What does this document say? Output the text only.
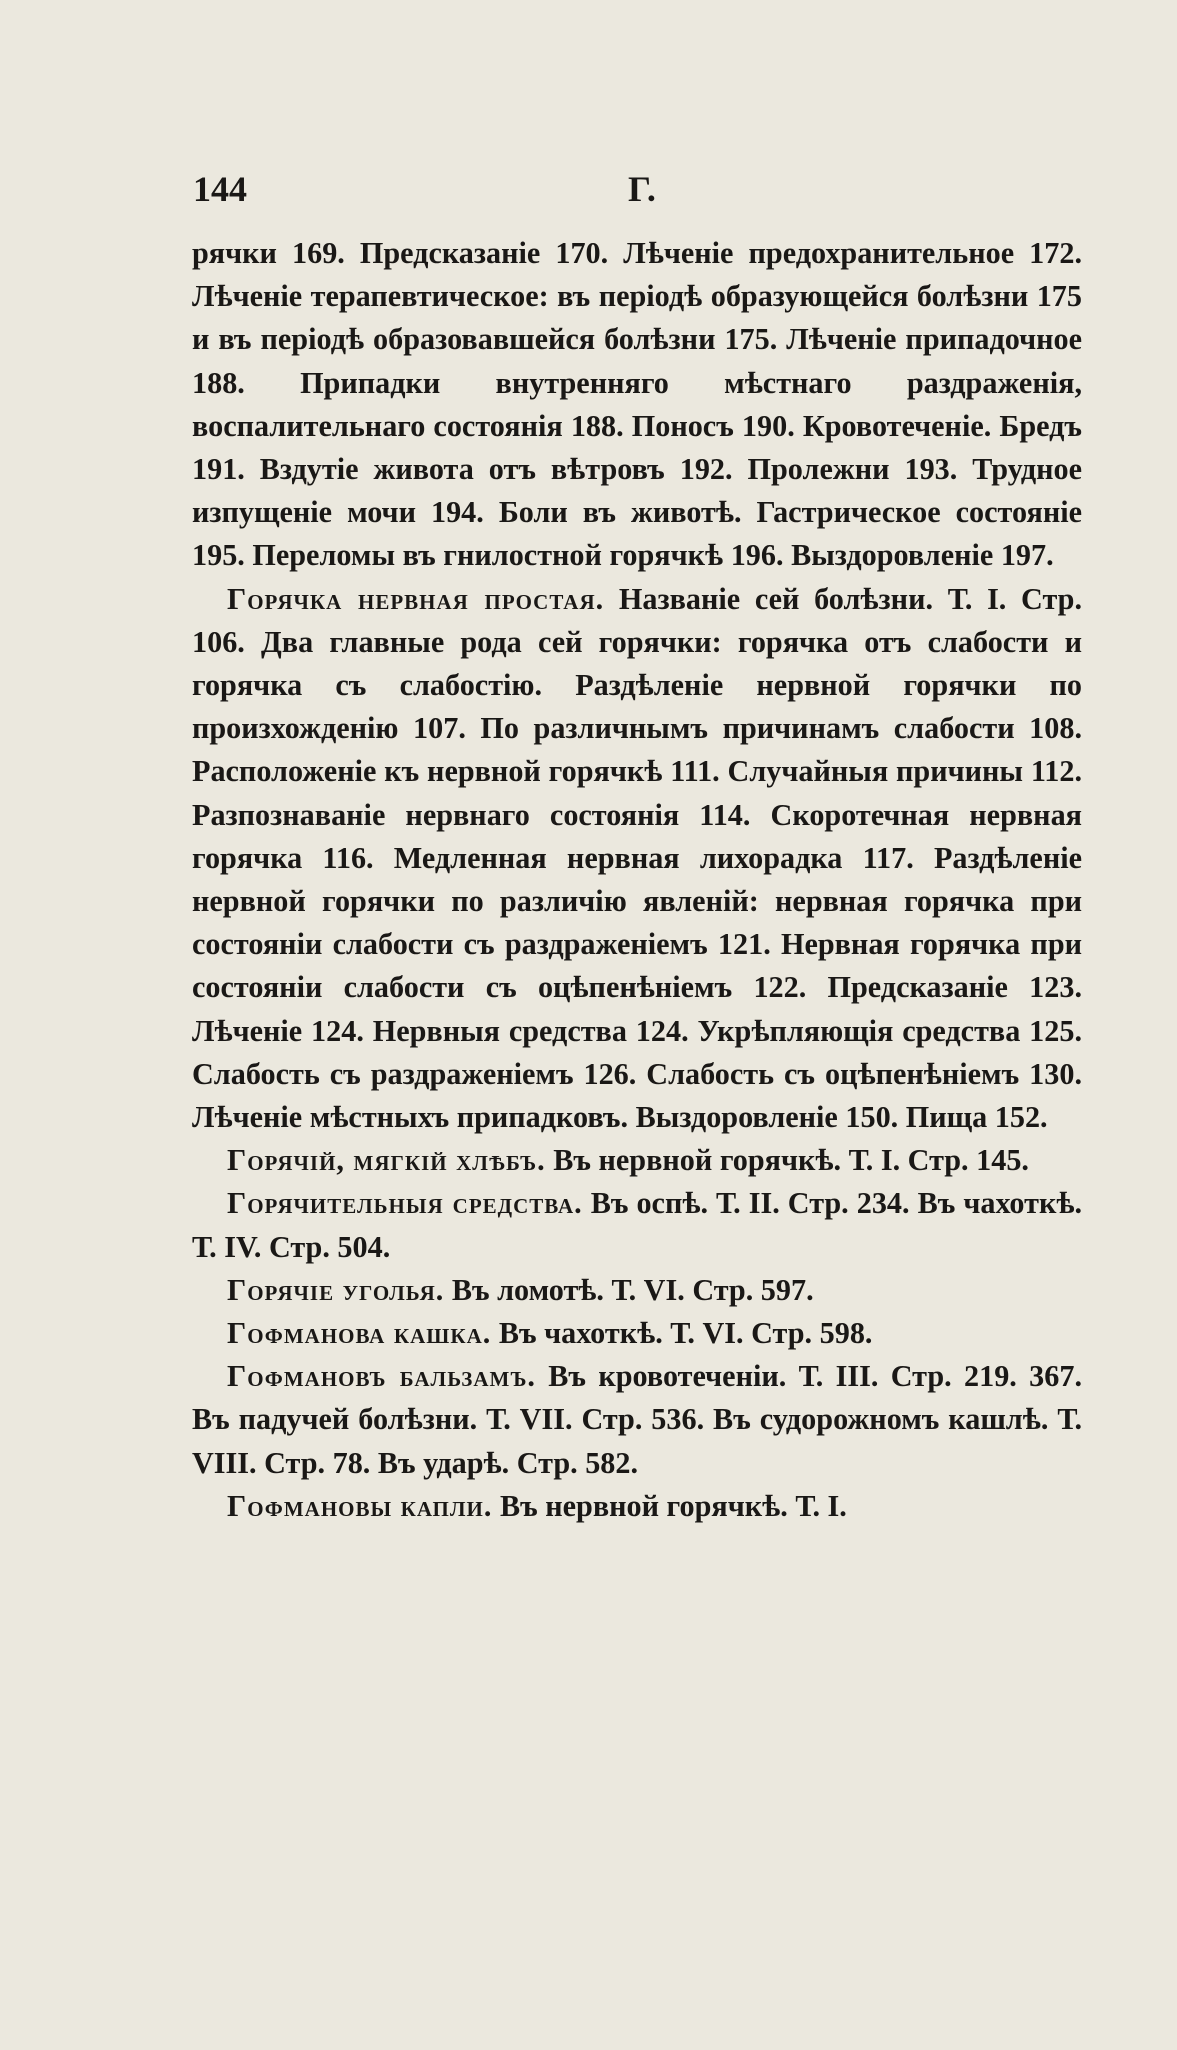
144	Г.

рячки 169. Предсказаніе 170. Лѣченіе предохранительное 172. Лѣченіе терапевтическое: въ періодѣ образующейся болѣзни 175 и въ періодѣ образовавшейся болѣзни 175. Лѣченіе припадочное 188. Припадки внутренняго мѣстнаго раздраженія, воспалительнаго состоянія 188. Поносъ 190. Кровотеченіе. Бредъ 191. Вздутіе живота отъ вѣтровъ 192. Пролежни 193. Трудное изпущеніе мочи 194. Боли въ животѣ. Гастрическое состояніе 195. Переломы въ гнилостной горячкѣ 196. Выздоровленіе 197.

Горячка нервная простая. Названіе сей болѣзни. Т. I. Стр. 106. Два главные рода сей горячки: горячка отъ слабости и горячка съ слабостію. Раздѣленіе нервной горячки по произхожденію 107. По различнымъ причинамъ слабости 108. Расположеніе къ нервной горячкѣ 111. Случайныя причины 112. Разпознаваніе нервнаго состоянія 114. Скоротечная нервная горячка 116. Медленная нервная лихорадка 117. Раздѣленіе нервной горячки по различію явленій: нервная горячка при состояніи слабости съ раздраженіемъ 121. Нервная горячка при состояніи слабости съ оцѣпенѣніемъ 122. Предсказаніе 123. Лѣченіе 124. Нервныя средства 124. Укрѣпляющія средства 125. Слабость съ раздраженіемъ 126. Слабость съ оцѣпенѣніемъ 130. Лѣченіе мѣстныхъ припадковъ. Выздоровленіе 150. Пища 152.

Горячій, мягкій хлѣбъ. Въ нервной горячкѣ. Т. I. Стр. 145.

Горячительныя средства. Въ оспѣ. Т. II. Стр. 234. Въ чахоткѣ. Т. IV. Стр. 504.

Горячіе уголья. Въ ломотѣ. Т. VI. Стр. 597.

Гофманова кашка. Въ чахоткѣ. Т. VI. Стр. 598.

Гофмановъ бальзамъ. Въ кровотеченіи. Т. III. Стр. 219. 367. Въ падучей болѣзни. Т. VII. Стр. 536. Въ судорожномъ кашлѣ. Т. VIII. Стр. 78. Въ ударѣ. Стр. 582.

Гофмановы капли. Въ нервной горячкѣ. Т. I.
